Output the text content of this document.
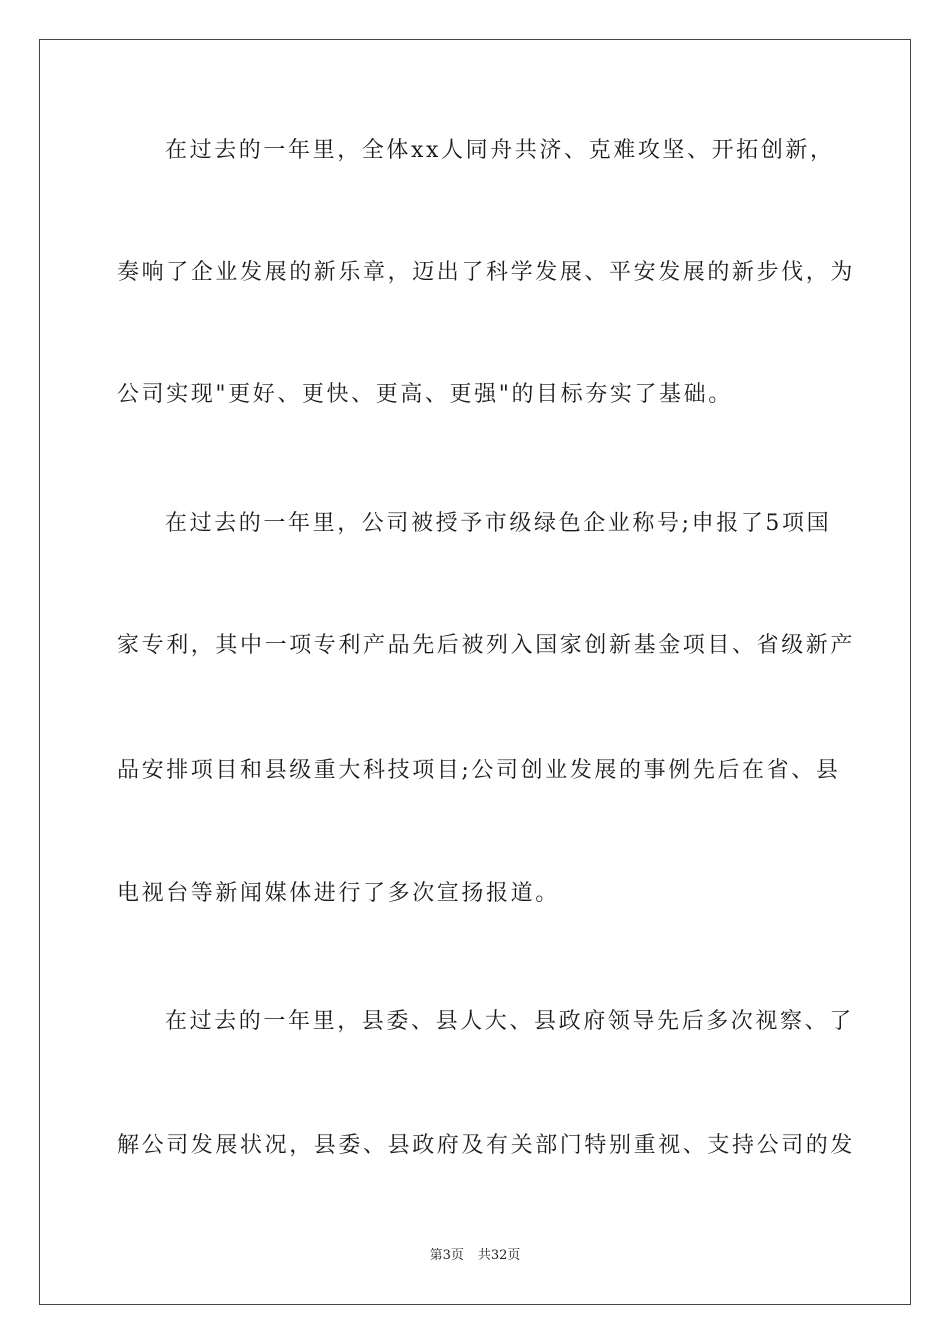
在过去的一年里，全体xx人同舟共济、克难攻坚、开拓创新，
奏响了企业发展的新乐章，迈出了科学发展、平安发展的新步伐，为
公司实现"更好、更快、更高、更强"的目标夯实了基础。
在过去的一年里，公司被授予市级绿色企业称号;申报了5项国
家专利，其中一项专利产品先后被列入国家创新基金项目、省级新产
品安排项目和县级重大科技项目;公司创业发展的事例先后在省、县
电视台等新闻媒体进行了多次宣扬报道。
在过去的一年里，县委、县人大、县政府领导先后多次视察、了
解公司发展状况，县委、县政府及有关部门特别重视、支持公司的发
第3页 共32页
